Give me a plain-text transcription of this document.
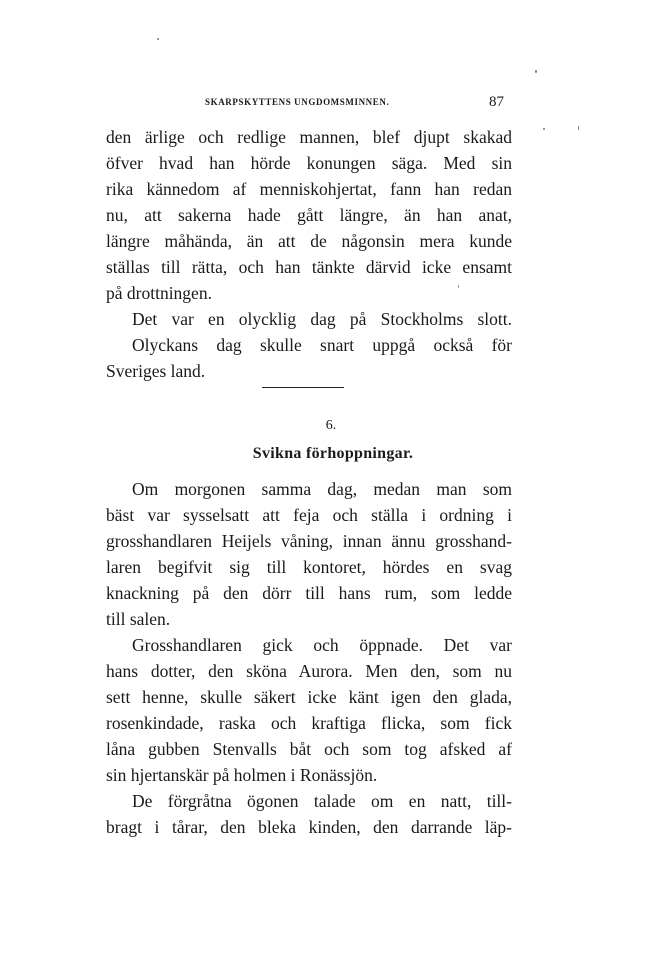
SKARPSKYTTENS UNGDOMSMINNEN.	87
den ärlige och redlige mannen, blef djupt skakad
öfver hvad han hörde konungen säga. Med sin
rika kännedom af menniskohjertat, fann han redan
nu, att sakerna hade gått längre, än han anat,
längre måhända, än att de någonsin mera kunde
ställas till rätta, och han tänkte därvid icke ensamt
på drottningen.
Det var en olycklig dag på Stockholms slott.
Olyckans dag skulle snart uppgå också för
Sveriges land.
6.
Svikna förhoppningar.
Om morgonen samma dag, medan man som
bäst var sysselsatt att feja och ställa i ordning i
grosshandlaren Heijels våning, innan ännu grosshand-
laren begifvit sig till kontoret, hördes en svag
knackning på den dörr till hans rum, som ledde
till salen.
Grosshandlaren gick och öppnade. Det var
hans dotter, den sköna Aurora. Men den, som nu
sett henne, skulle säkert icke känt igen den glada,
rosenkindade, raska och kraftiga flicka, som fick
låna gubben Stenvalls båt och som tog afsked af
sin hjertanskär på holmen i Ronässjön.
De förgråtna ögonen talade om en natt, till-
bragt i tårar, den bleka kinden, den darrande läp-
